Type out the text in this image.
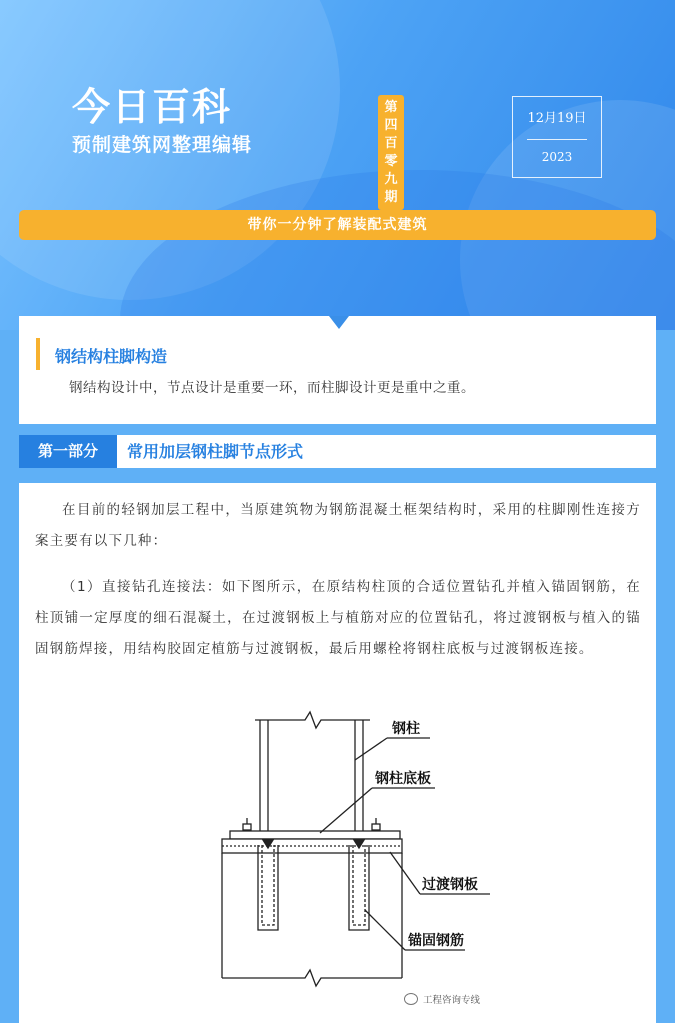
今日百科
预制建筑网整理编辑
第
四
百
零
九
期
12月19日
2023
带你一分钟了解装配式建筑
钢结构柱脚构造
钢结构设计中，节点设计是重要一环，而柱脚设计更是重中之重。
第一部分	常用加层钢柱脚节点形式
在目前的轻钢加层工程中，当原建筑物为钢筋混凝土框架结构时，采用的柱脚刚性连接方案主要有以下几种：
（1）直接钻孔连接法：如下图所示，在原结构柱顶的合适位置钻孔并植入锚固钢筋，在柱顶铺一定厚度的细石混凝土，在过渡钢板上与植筋对应的位置钻孔，将过渡钢板与植入的锚固钢筋焊接，用结构胶固定植筋与过渡钢板，最后用螺栓将钢柱底板与过渡钢板连接。
钢柱
钢柱底板
过渡钢板
锚固钢筋
工程咨询专线
